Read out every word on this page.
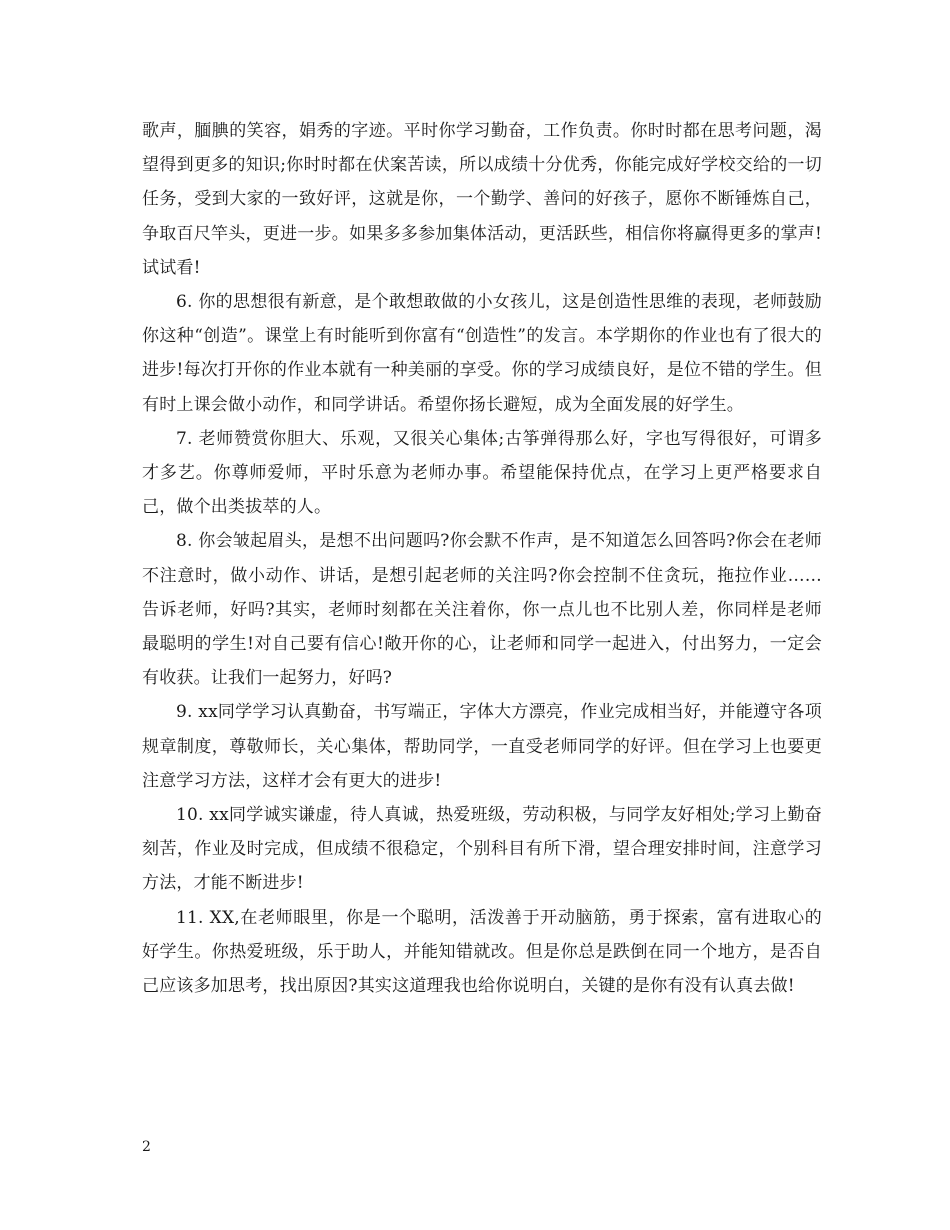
歌声，腼腆的笑容，娟秀的字迹。平时你学习勤奋，工作负责。你时时都在思考问题，渴望得到更多的知识;你时时都在伏案苦读，所以成绩十分优秀，你能完成好学校交给的一切任务，受到大家的一致好评，这就是你，一个勤学、善问的好孩子，愿你不断锤炼自己，争取百尺竿头，更进一步。如果多多参加集体活动，更活跃些，相信你将赢得更多的掌声!试试看!

6. 你的思想很有新意，是个敢想敢做的小女孩儿，这是创造性思维的表现，老师鼓励你这种“创造”。课堂上有时能听到你富有“创造性”的发言。本学期你的作业也有了很大的进步!每次打开你的作业本就有一种美丽的享受。你的学习成绩良好，是位不错的学生。但有时上课会做小动作，和同学讲话。希望你扬长避短，成为全面发展的好学生。

7. 老师赞赏你胆大、乐观，又很关心集体;古筝弹得那么好，字也写得很好，可谓多才多艺。你尊师爱师，平时乐意为老师办事。希望能保持优点，在学习上更严格要求自己，做个出类拔萃的人。

8. 你会皱起眉头，是想不出问题吗?你会默不作声，是不知道怎么回答吗?你会在老师不注意时，做小动作、讲话，是想引起老师的关注吗?你会控制不住贪玩，拖拉作业……告诉老师，好吗?其实，老师时刻都在关注着你，你一点儿也不比别人差，你同样是老师最聪明的学生!对自己要有信心!敞开你的心，让老师和同学一起进入，付出努力，一定会有收获。让我们一起努力，好吗?

9. xx同学学习认真勤奋，书写端正，字体大方漂亮，作业完成相当好，并能遵守各项规章制度，尊敬师长，关心集体，帮助同学，一直受老师同学的好评。但在学习上也要更注意学习方法，这样才会有更大的进步!

10. xx同学诚实谦虚，待人真诚，热爱班级，劳动积极，与同学友好相处;学习上勤奋刻苦，作业及时完成，但成绩不很稳定，个别科目有所下滑，望合理安排时间，注意学习方法，才能不断进步!

11. XX,在老师眼里，你是一个聪明，活泼善于开动脑筋，勇于探索，富有进取心的好学生。你热爱班级，乐于助人，并能知错就改。但是你总是跌倒在同一个地方，是否自己应该多加思考，找出原因?其实这道理我也给你说明白，关键的是你有没有认真去做!

2
